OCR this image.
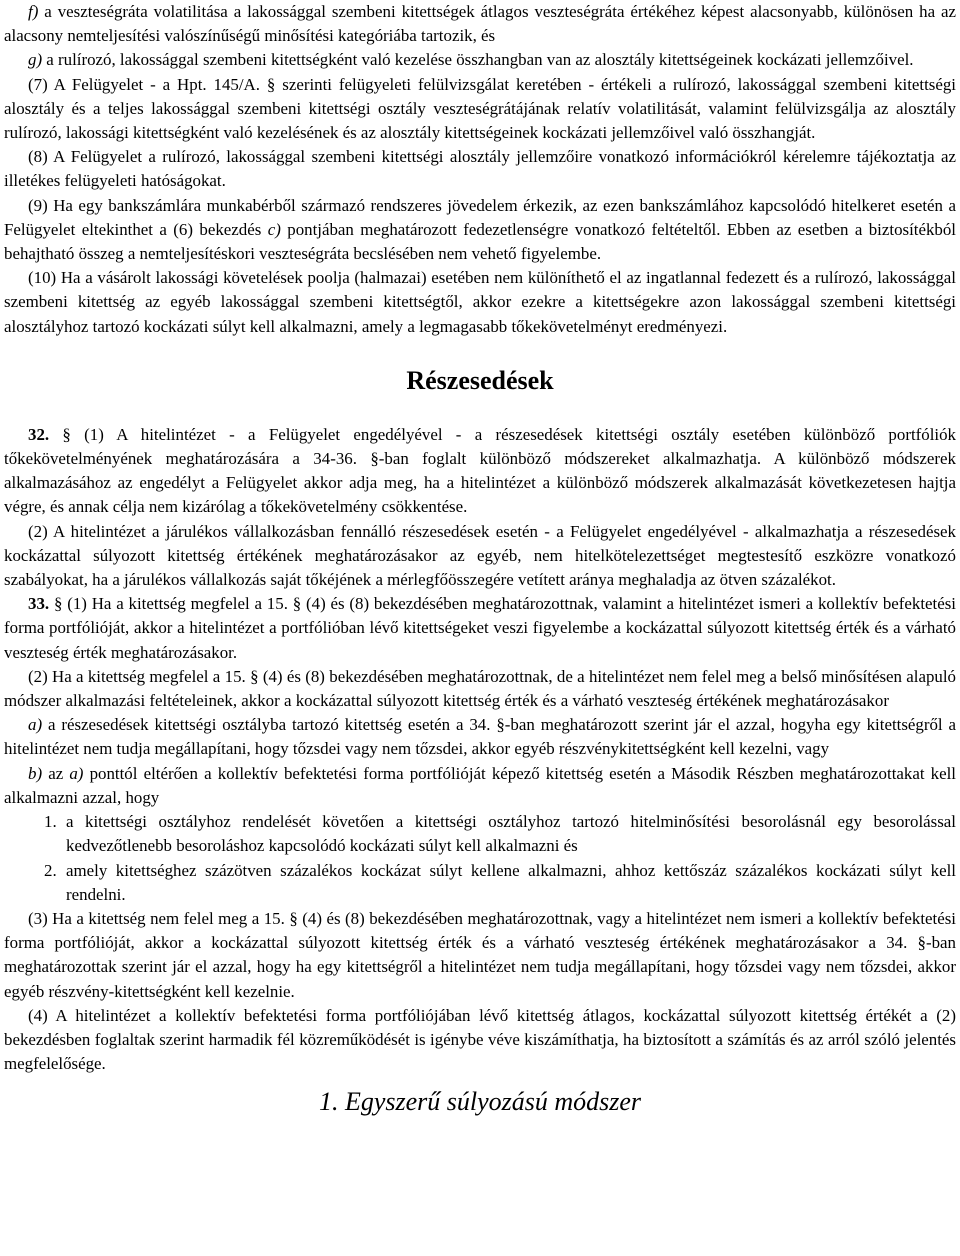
f) a veszteségráta volatilitása a lakossággal szembeni kitettségek átlagos veszteségráta értékéhez képest alacsonyabb, különösen ha az alacsony nemteljesítési valószínűségű minősítési kategóriába tartozik, és

g) a rulírozó, lakossággal szembeni kitettségként való kezelése összhangban van az alosztály kitettségeinek kockázati jellemzőivel.

(7) A Felügyelet - a Hpt. 145/A. § szerinti felügyeleti felülvizsgálat keretében - értékeli a rulírozó, lakossággal szembeni kitettségi alosztály és a teljes lakossággal szembeni kitettségi osztály veszteségrátájának relatív volatilitását, valamint felülvizsgálja az alosztály rulírozó, lakossági kitettségként való kezelésének és az alosztály kitettségeinek kockázati jellemzőivel való összhangját.

(8) A Felügyelet a rulírozó, lakossággal szembeni kitettségi alosztály jellemzőire vonatkozó információkról kérelemre tájékoztatja az illetékes felügyeleti hatóságokat.

(9) Ha egy bankszámlára munkabérből származó rendszeres jövedelem érkezik, az ezen bankszámlához kapcsolódó hitelkeret esetén a Felügyelet eltekinthet a (6) bekezdés c) pontjában meghatározott fedezetlenségre vonatkozó feltételtől. Ebben az esetben a biztosítékból behajtható összeg a nemteljesítéskori veszteségráta becslésében nem vehető figyelembe.

(10) Ha a vásárolt lakossági követelések poolja (halmazai) esetében nem különíthető el az ingatlannal fedezett és a rulírozó, lakossággal szembeni kitettség az egyéb lakossággal szembeni kitettségtől, akkor ezekre a kitettségekre azon lakossággal szembeni kitettségi alosztályhoz tartozó kockázati súlyt kell alkalmazni, amely a legmagasabb tőkekövetelményt eredményezi.

Részesedések

32. § (1) A hitelintézet - a Felügyelet engedélyével - a részesedések kitettségi osztály esetében különböző portfóliók tőkekövetelményének meghatározására a 34-36. §-ban foglalt különböző módszereket alkalmazhatja. A különböző módszerek alkalmazásához az engedélyt a Felügyelet akkor adja meg, ha a hitelintézet a különböző módszerek alkalmazását következetesen hajtja végre, és annak célja nem kizárólag a tőkekövetelmény csökkentése.

(2) A hitelintézet a járulékos vállalkozásban fennálló részesedések esetén - a Felügyelet engedélyével - alkalmazhatja a részesedések kockázattal súlyozott kitettség értékének meghatározásakor az egyéb, nem hitelkötelezettséget megtestesítő eszközre vonatkozó szabályokat, ha a járulékos vállalkozás saját tőkéjének a mérlegfőösszegére vetített aránya meghaladja az ötven százalékot.

33. § (1) Ha a kitettség megfelel a 15. § (4) és (8) bekezdésében meghatározottnak, valamint a hitelintézet ismeri a kollektív befektetési forma portfólióját, akkor a hitelintézet a portfólióban lévő kitettségeket veszi figyelembe a kockázattal súlyozott kitettség érték és a várható veszteség érték meghatározásakor.

(2) Ha a kitettség megfelel a 15. § (4) és (8) bekezdésében meghatározottnak, de a hitelintézet nem felel meg a belső minősítésen alapuló módszer alkalmazási feltételeinek, akkor a kockázattal súlyozott kitettség érték és a várható veszteség értékének meghatározásakor

a) a részesedések kitettségi osztályba tartozó kitettség esetén a 34. §-ban meghatározott szerint jár el azzal, hogyha egy kitettségről a hitelintézet nem tudja megállapítani, hogy tőzsdei vagy nem tőzsdei, akkor egyéb részvénykitettségként kell kezelni, vagy

b) az a) ponttól eltérően a kollektív befektetési forma portfólióját képező kitettség esetén a Második Részben meghatározottakat kell alkalmazni azzal, hogy

1. a kitettségi osztályhoz rendelését követően a kitettségi osztályhoz tartozó hitelminősítési besorolásnál egy besorolással kedvezőtlenebb besoroláshoz kapcsolódó kockázati súlyt kell alkalmazni és
2. amely kitettséghez százötven százalékos kockázat súlyt kellene alkalmazni, ahhoz kettőszáz százalékos kockázati súlyt kell rendelni.

(3) Ha a kitettség nem felel meg a 15. § (4) és (8) bekezdésében meghatározottnak, vagy a hitelintézet nem ismeri a kollektív befektetési forma portfólióját, akkor a kockázattal súlyozott kitettség érték és a várható veszteség értékének meghatározásakor a 34. §-ban meghatározottak szerint jár el azzal, hogy ha egy kitettségről a hitelintézet nem tudja megállapítani, hogy tőzsdei vagy nem tőzsdei, akkor egyéb részvény-kitettségként kell kezelnie.

(4) A hitelintézet a kollektív befektetési forma portfóliójában lévő kitettség átlagos, kockázattal súlyozott kitettség értékét a (2) bekezdésben foglaltak szerint harmadik fél közreműködését is igénybe véve kiszámíthatja, ha biztosított a számítás és az arról szóló jelentés megfelelősége.

1. Egyszerű súlyozású módszer
